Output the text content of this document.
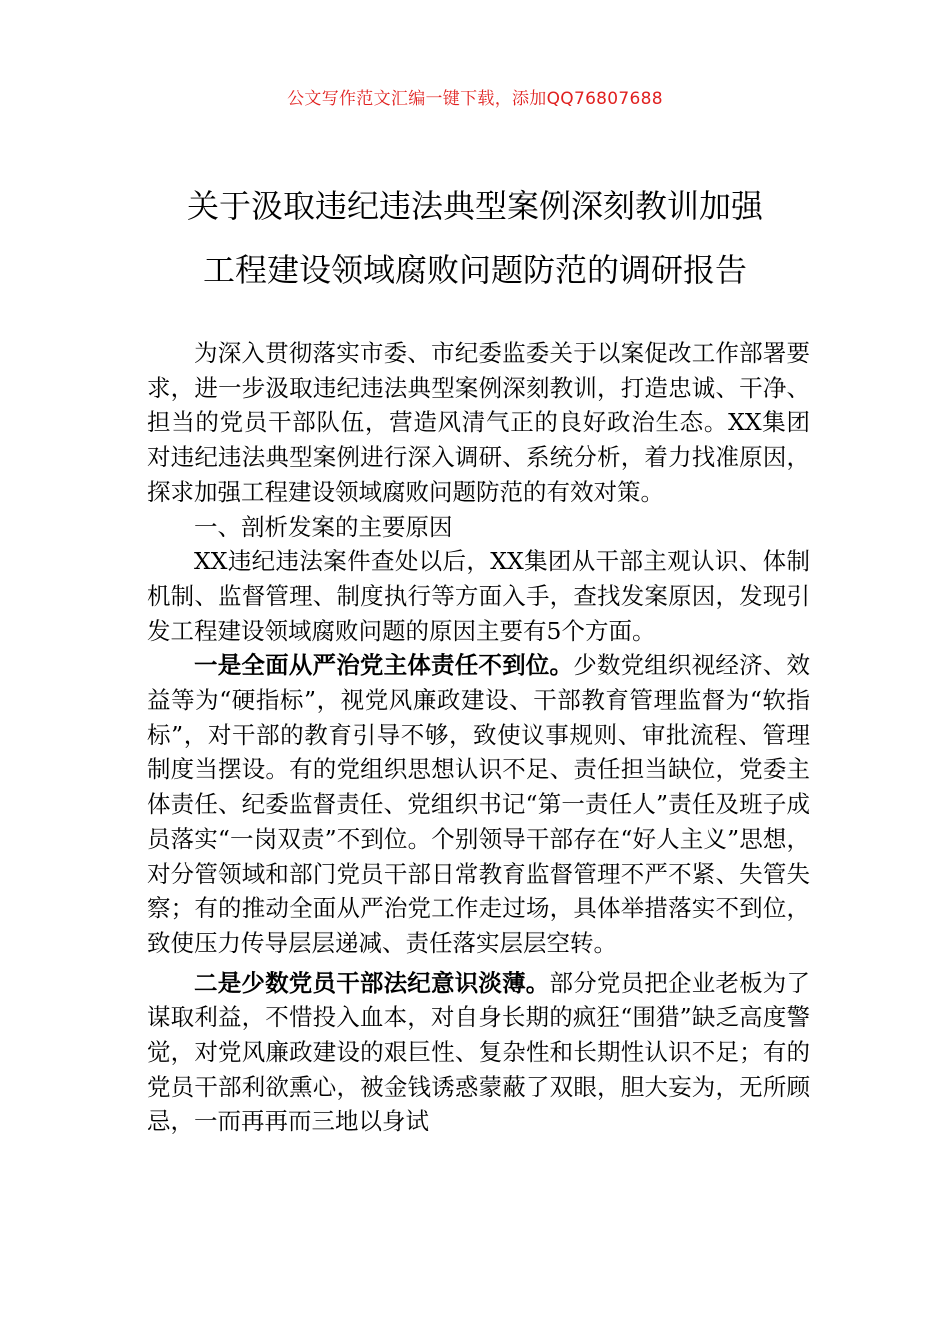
公文写作范文汇编一键下载，添加QQ76807688
关于汲取违纪违法典型案例深刻教训加强
工程建设领域腐败问题防范的调研报告

为深入贯彻落实市委、市纪委监委关于以案促改工作部署要求，进一步汲取违纪违法典型案例深刻教训，打造忠诚、干净、担当的党员干部队伍，营造风清气正的良好政治生态。XX集团对违纪违法典型案例进行深入调研、系统分析，着力找准原因，探求加强工程建设领域腐败问题防范的有效对策。

一、剖析发案的主要原因

XX违纪违法案件查处以后，XX集团从干部主观认识、体制机制、监督管理、制度执行等方面入手，查找发案原因，发现引发工程建设领域腐败问题的原因主要有5个方面。

一是全面从严治党主体责任不到位。少数党组织视经济、效益等为“硬指标”，视党风廉政建设、干部教育管理监督为“软指标”，对干部的教育引导不够，致使议事规则、审批流程、管理制度当摆设。有的党组织思想认识不足、责任担当缺位，党委主体责任、纪委监督责任、党组织书记“第一责任人”责任及班子成员落实“一岗双责”不到位。个别领导干部存在“好人主义”思想，对分管领域和部门党员干部日常教育监督管理不严不紧、失管失察；有的推动全面从严治党工作走过场，具体举措落实不到位，致使压力传导层层递减、责任落实层层空转。

二是少数党员干部法纪意识淡薄。部分党员把企业老板为了谋取利益，不惜投入血本，对自身长期的疯狂“围猎”缺乏高度警觉，对党风廉政建设的艰巨性、复杂性和长期性认识不足；有的党员干部利欲熏心，被金钱诱惑蒙蔽了双眼，胆大妄为，无所顾忌，一而再再而三地以身试
